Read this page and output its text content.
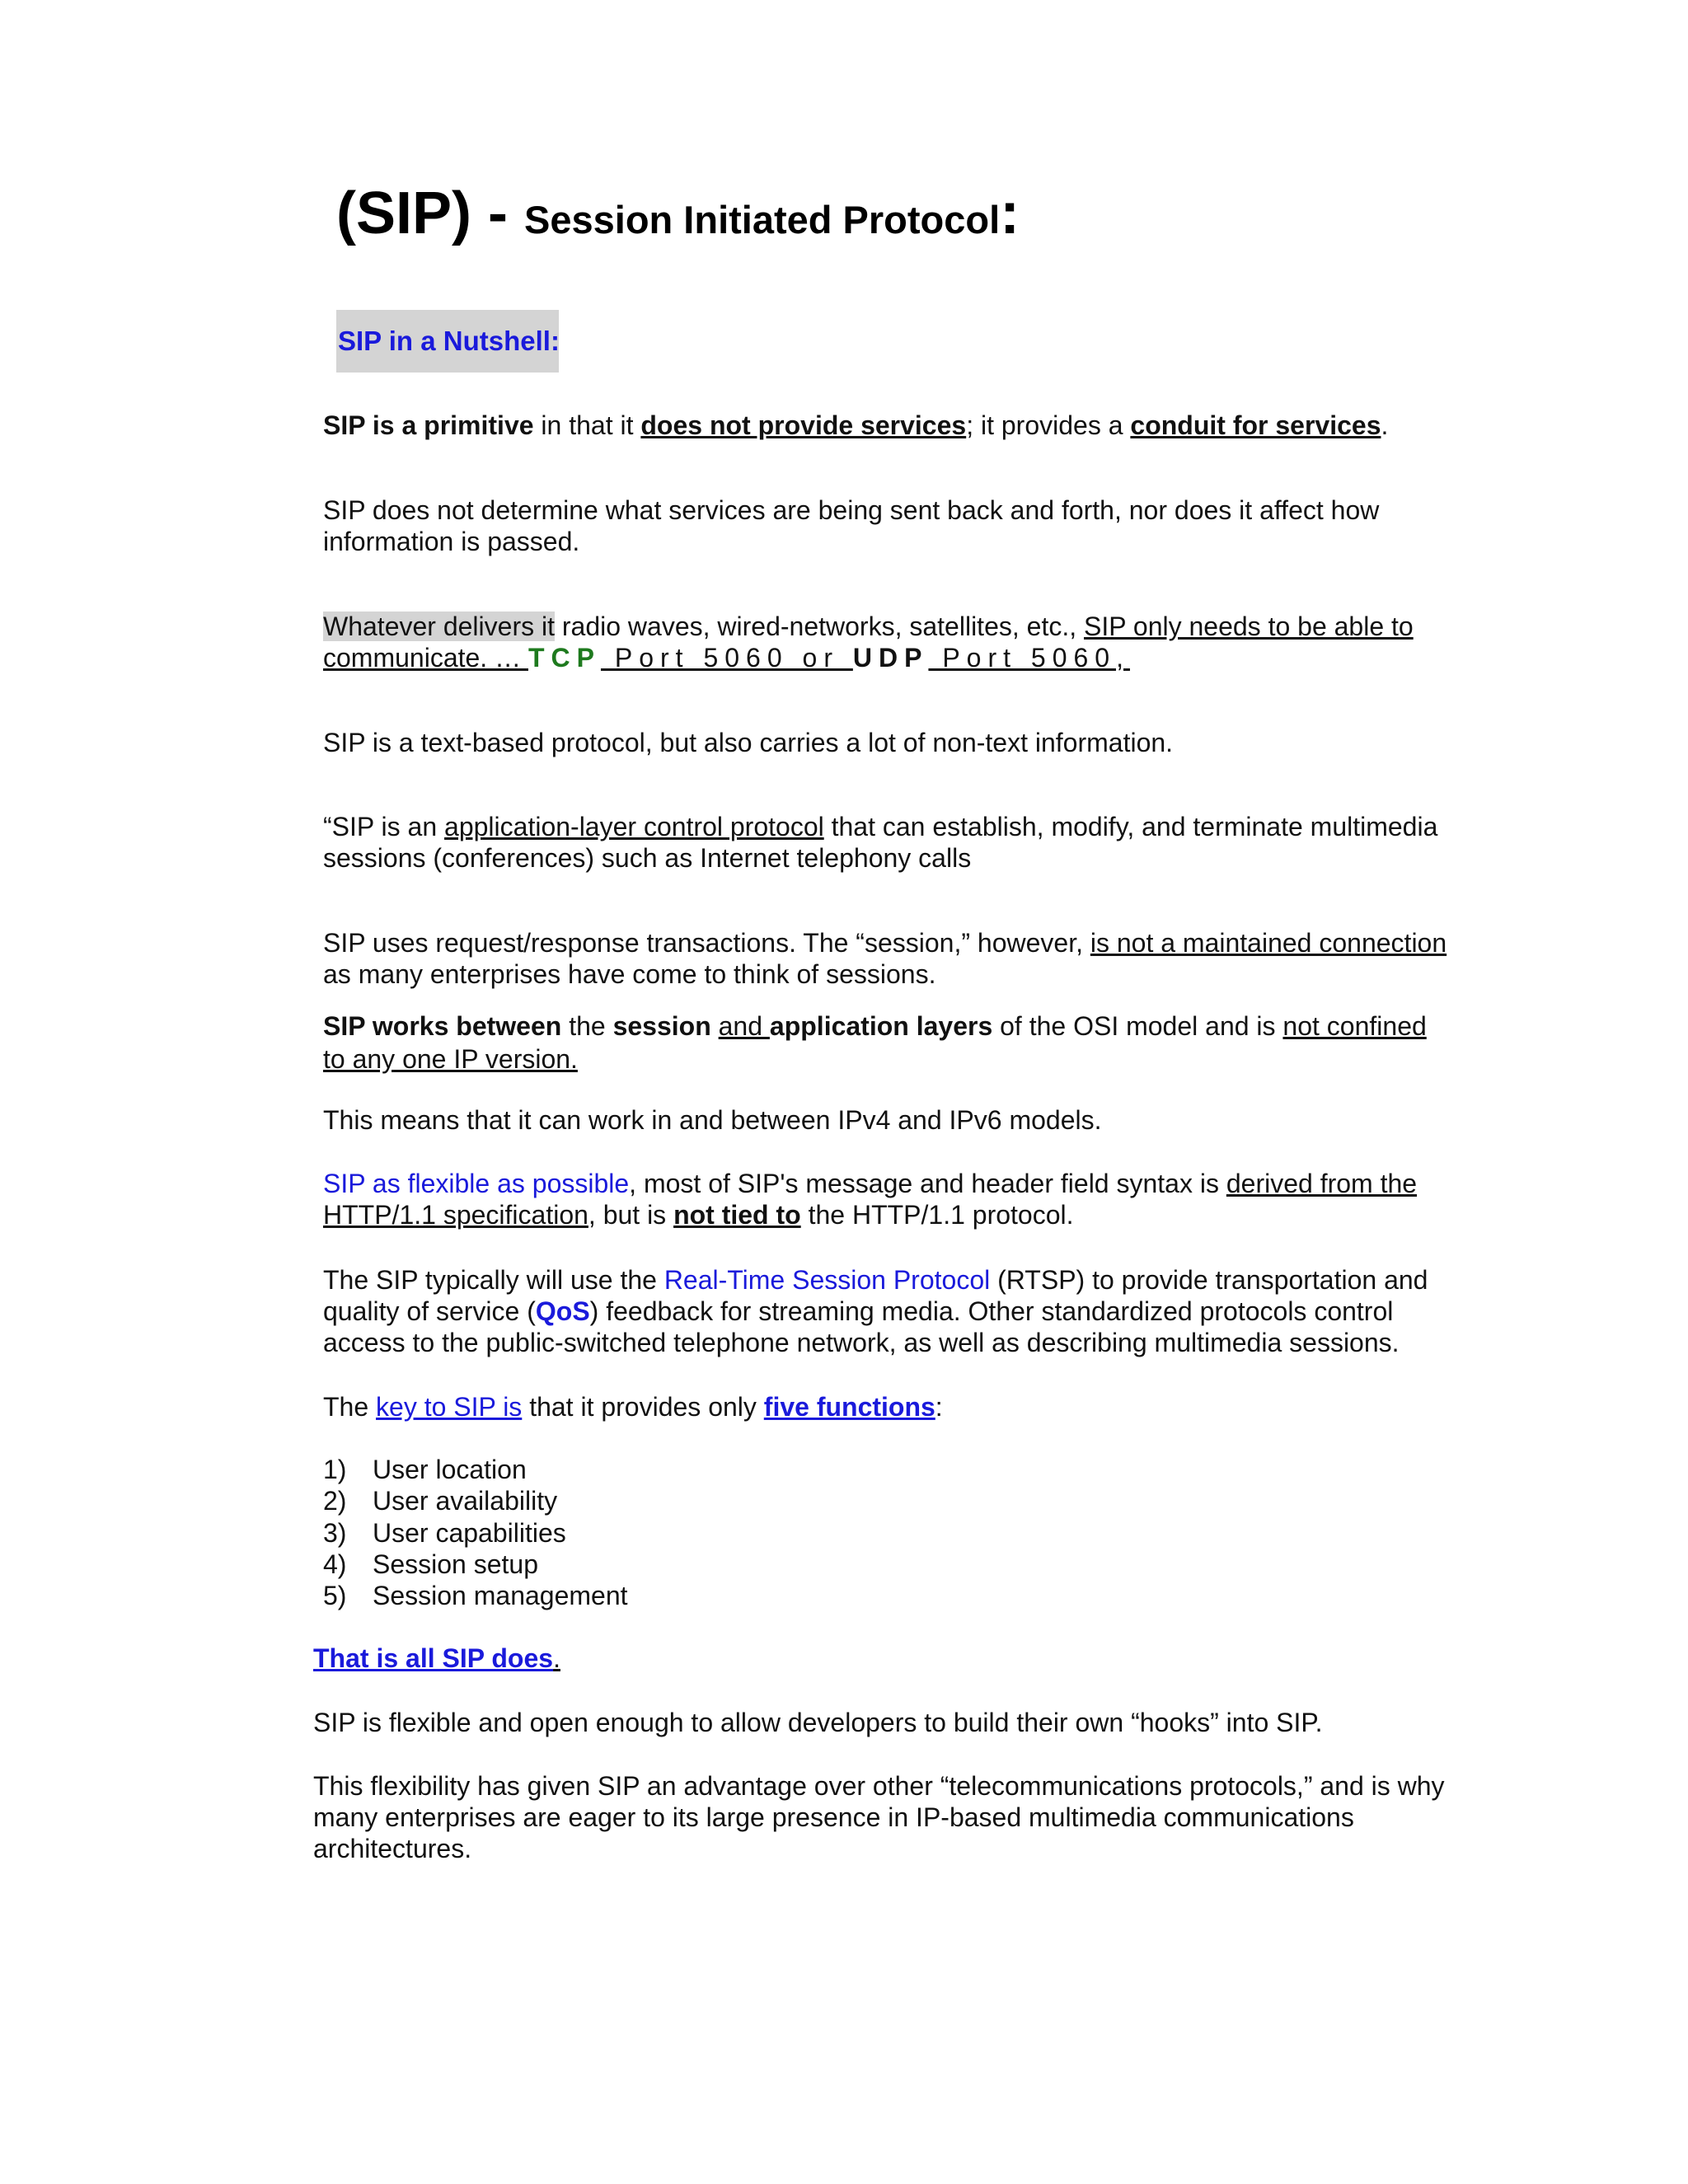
(SIP) - Session Initiated Protocol:
SIP in a Nutshell:
SIP is a primitive in that it does not provide services; it provides a conduit for services.
SIP does not determine what services are being sent back and forth, nor does it affect how
information is passed.
Whatever delivers it radio waves, wired-networks, satellites, etc., SIP only needs to be able to
communicate. … TCP Port 5060 or UDP Port 5060,
SIP is a text-based protocol, but also carries a lot of non-text information.
“SIP is an application-layer control protocol that can establish, modify, and terminate multimedia
sessions (conferences) such as Internet telephony calls
SIP uses request/response transactions. The “session,” however, is not a maintained connection
as many enterprises have come to think of sessions.
SIP works between the session and application layers of the OSI model and is not confined
to any one IP version.
This means that it can work in and between IPv4 and IPv6 models.
SIP as flexible as possible, most of SIP's message and header field syntax is derived from the
HTTP/1.1 specification, but is not tied to the HTTP/1.1 protocol.
The SIP typically will use the Real-Time Session Protocol (RTSP) to provide transportation and
quality of service (QoS) feedback for streaming media. Other standardized protocols control
access to the public-switched telephone network, as well as describing multimedia sessions.
The key to SIP is that it provides only five functions:
1) User location
2) User availability
3) User capabilities
4) Session setup
5) Session management
That is all SIP does.
SIP is flexible and open enough to allow developers to build their own “hooks” into SIP.
This flexibility has given SIP an advantage over other “telecommunications protocols,” and is why
many enterprises are eager to its large presence in IP-based multimedia communications
architectures.
